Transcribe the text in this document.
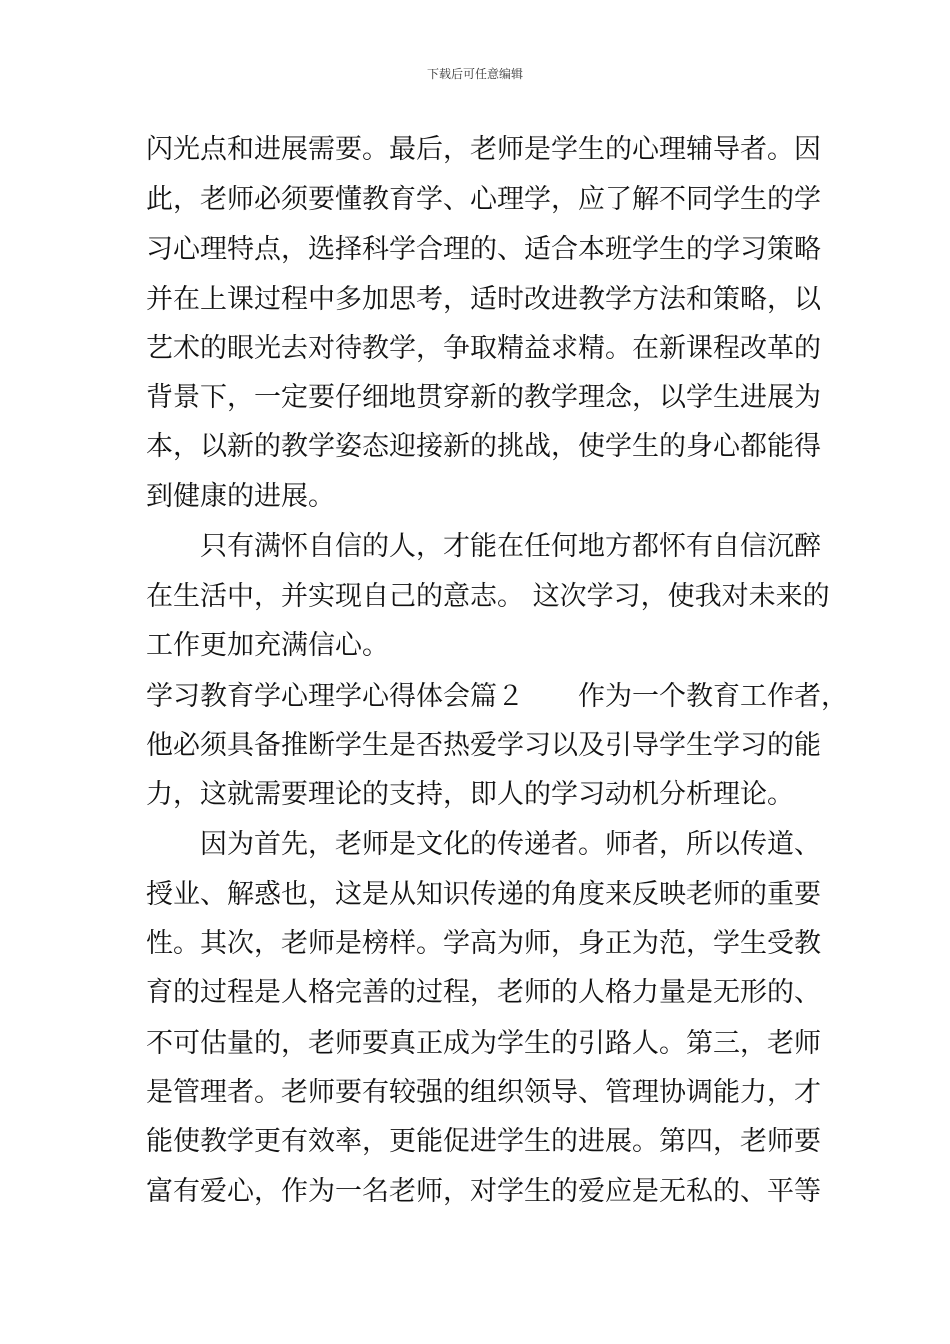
下载后可任意编辑
闪光点和进展需要。最后，老师是学生的心理辅导者。因
此，老师必须要懂教育学、心理学，应了解不同学生的学
习心理特点，选择科学合理的、适合本班学生的学习策略
并在上课过程中多加思考，适时改进教学方法和策略，以
艺术的眼光去对待教学，争取精益求精。在新课程改革的
背景下，一定要仔细地贯穿新的教学理念，以学生进展为
本，以新的教学姿态迎接新的挑战，使学生的身心都能得
到健康的进展。
　　只有满怀自信的人，才能在任何地方都怀有自信沉醉
在生活中，并实现自己的意志。 这次学习，使我对未来的
工作更加充满信心。
学习教育学心理学心得体会篇２　　作为一个教育工作者，
他必须具备推断学生是否热爱学习以及引导学生学习的能
力，这就需要理论的支持，即人的学习动机分析理论。
　　因为首先，老师是文化的传递者。师者，所以传道、
授业、解惑也，这是从知识传递的角度来反映老师的重要
性。其次，老师是榜样。学高为师，身正为范，学生受教
育的过程是人格完善的过程，老师的人格力量是无形的、
不可估量的，老师要真正成为学生的引路人。第三，老师
是管理者。老师要有较强的组织领导、管理协调能力，才
能使教学更有效率，更能促进学生的进展。第四，老师要
富有爱心，作为一名老师，对学生的爱应是无私的、平等
